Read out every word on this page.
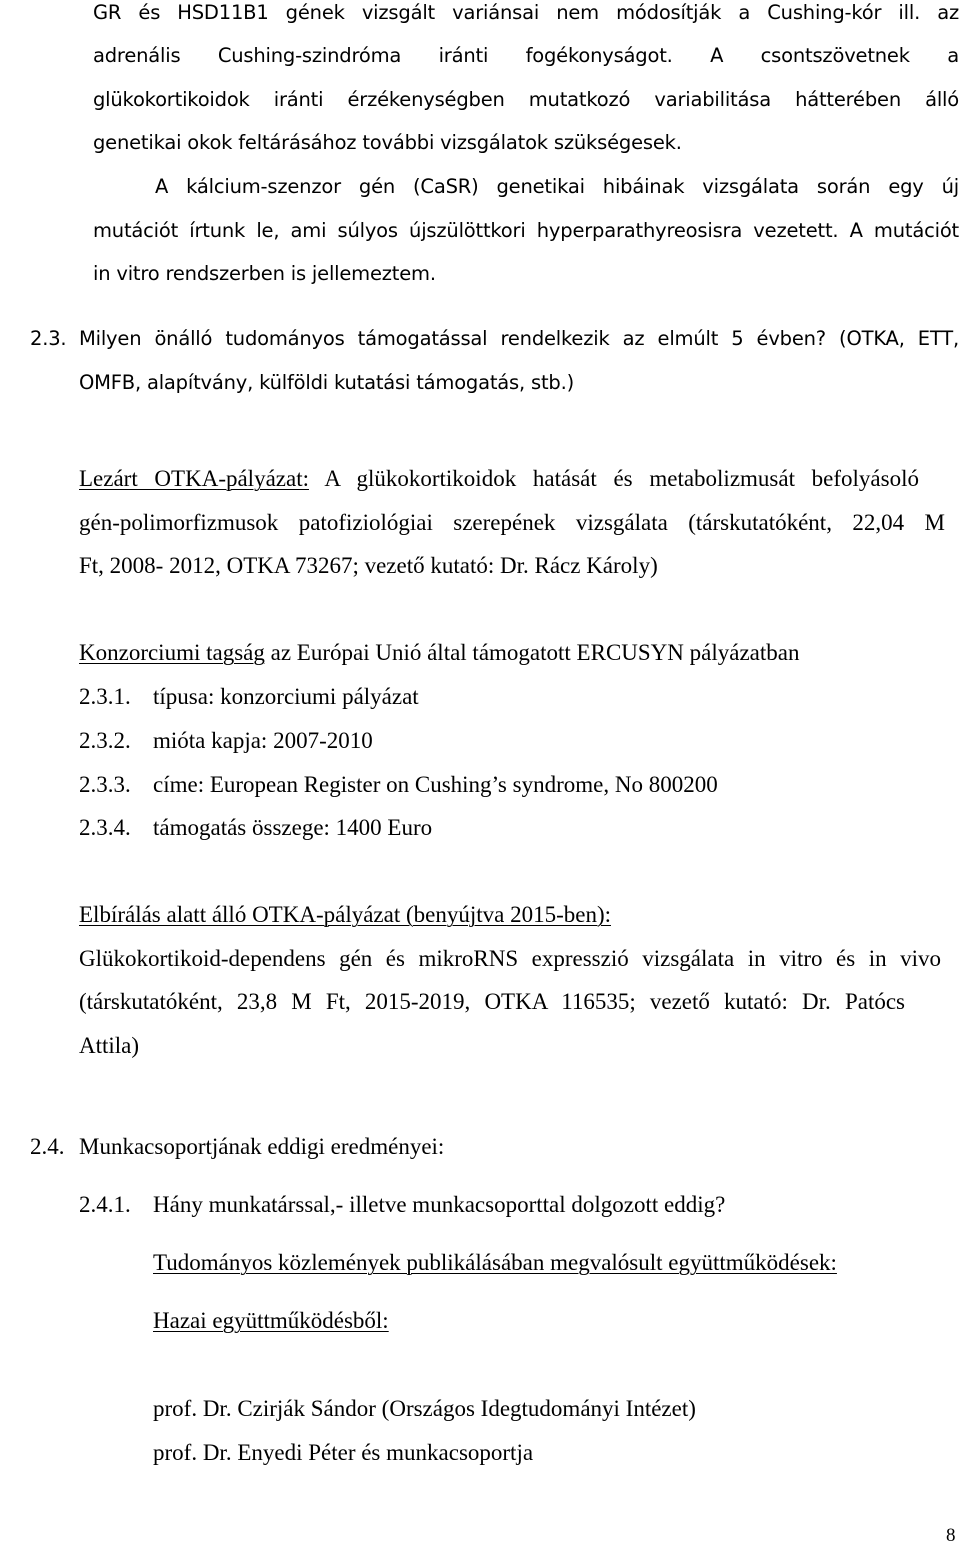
GR és HSD11B1 gének vizsgált variánsai nem módosítják a Cushing-kór ill. az
adrenális Cushing-szindróma iránti fogékonyságot. A csontszövetnek a
glükokortikoidok iránti érzékenységben mutatkozó variabilitása hátterében álló
genetikai okok feltárásához további vizsgálatok szükségesek.
A kálcium-szenzor gén (CaSR) genetikai hibáinak vizsgálata során egy új
mutációt írtunk le, ami súlyos újszülöttkori hyperparathyreosisra vezetett. A mutációt
in vitro rendszerben is jellemeztem.
2.3. Milyen önálló tudományos támogatással rendelkezik az elmúlt 5 évben? (OTKA, ETT,
OMFB, alapítvány, külföldi kutatási támogatás, stb.)
Lezárt OTKA-pályázat: A glükokortikoidok hatását és metabolizmusát befolyásoló
gén-polimorfizmusok patofiziológiai szerepének vizsgálata (társkutatóként, 22,04 M
Ft, 2008- 2012, OTKA 73267; vezető kutató: Dr. Rácz Károly)
Konzorciumi tagság az Európai Unió által támogatott ERCUSYN pályázatban
2.3.1. típusa: konzorciumi pályázat
2.3.2. mióta kapja: 2007-2010
2.3.3. címe: European Register on Cushing’s syndrome, No 800200
2.3.4. támogatás összege: 1400 Euro
Elbírálás alatt álló OTKA-pályázat (benyújtva 2015-ben):
Glükokortikoid-dependens gén és mikroRNS expresszió vizsgálata in vitro és in vivo
(társkutatóként, 23,8 M Ft, 2015-2019, OTKA 116535; vezető kutató: Dr. Patócs
Attila)
2.4. Munkacsoportjának eddigi eredményei:
2.4.1. Hány munkatárssal,- illetve munkacsoporttal dolgozott eddig?
Tudományos közlemények publikálásában megvalósult együttműködések:
Hazai együttműködésből:
prof. Dr. Czirják Sándor (Országos Idegtudományi Intézet)
prof. Dr. Enyedi Péter és munkacsoportja
8
